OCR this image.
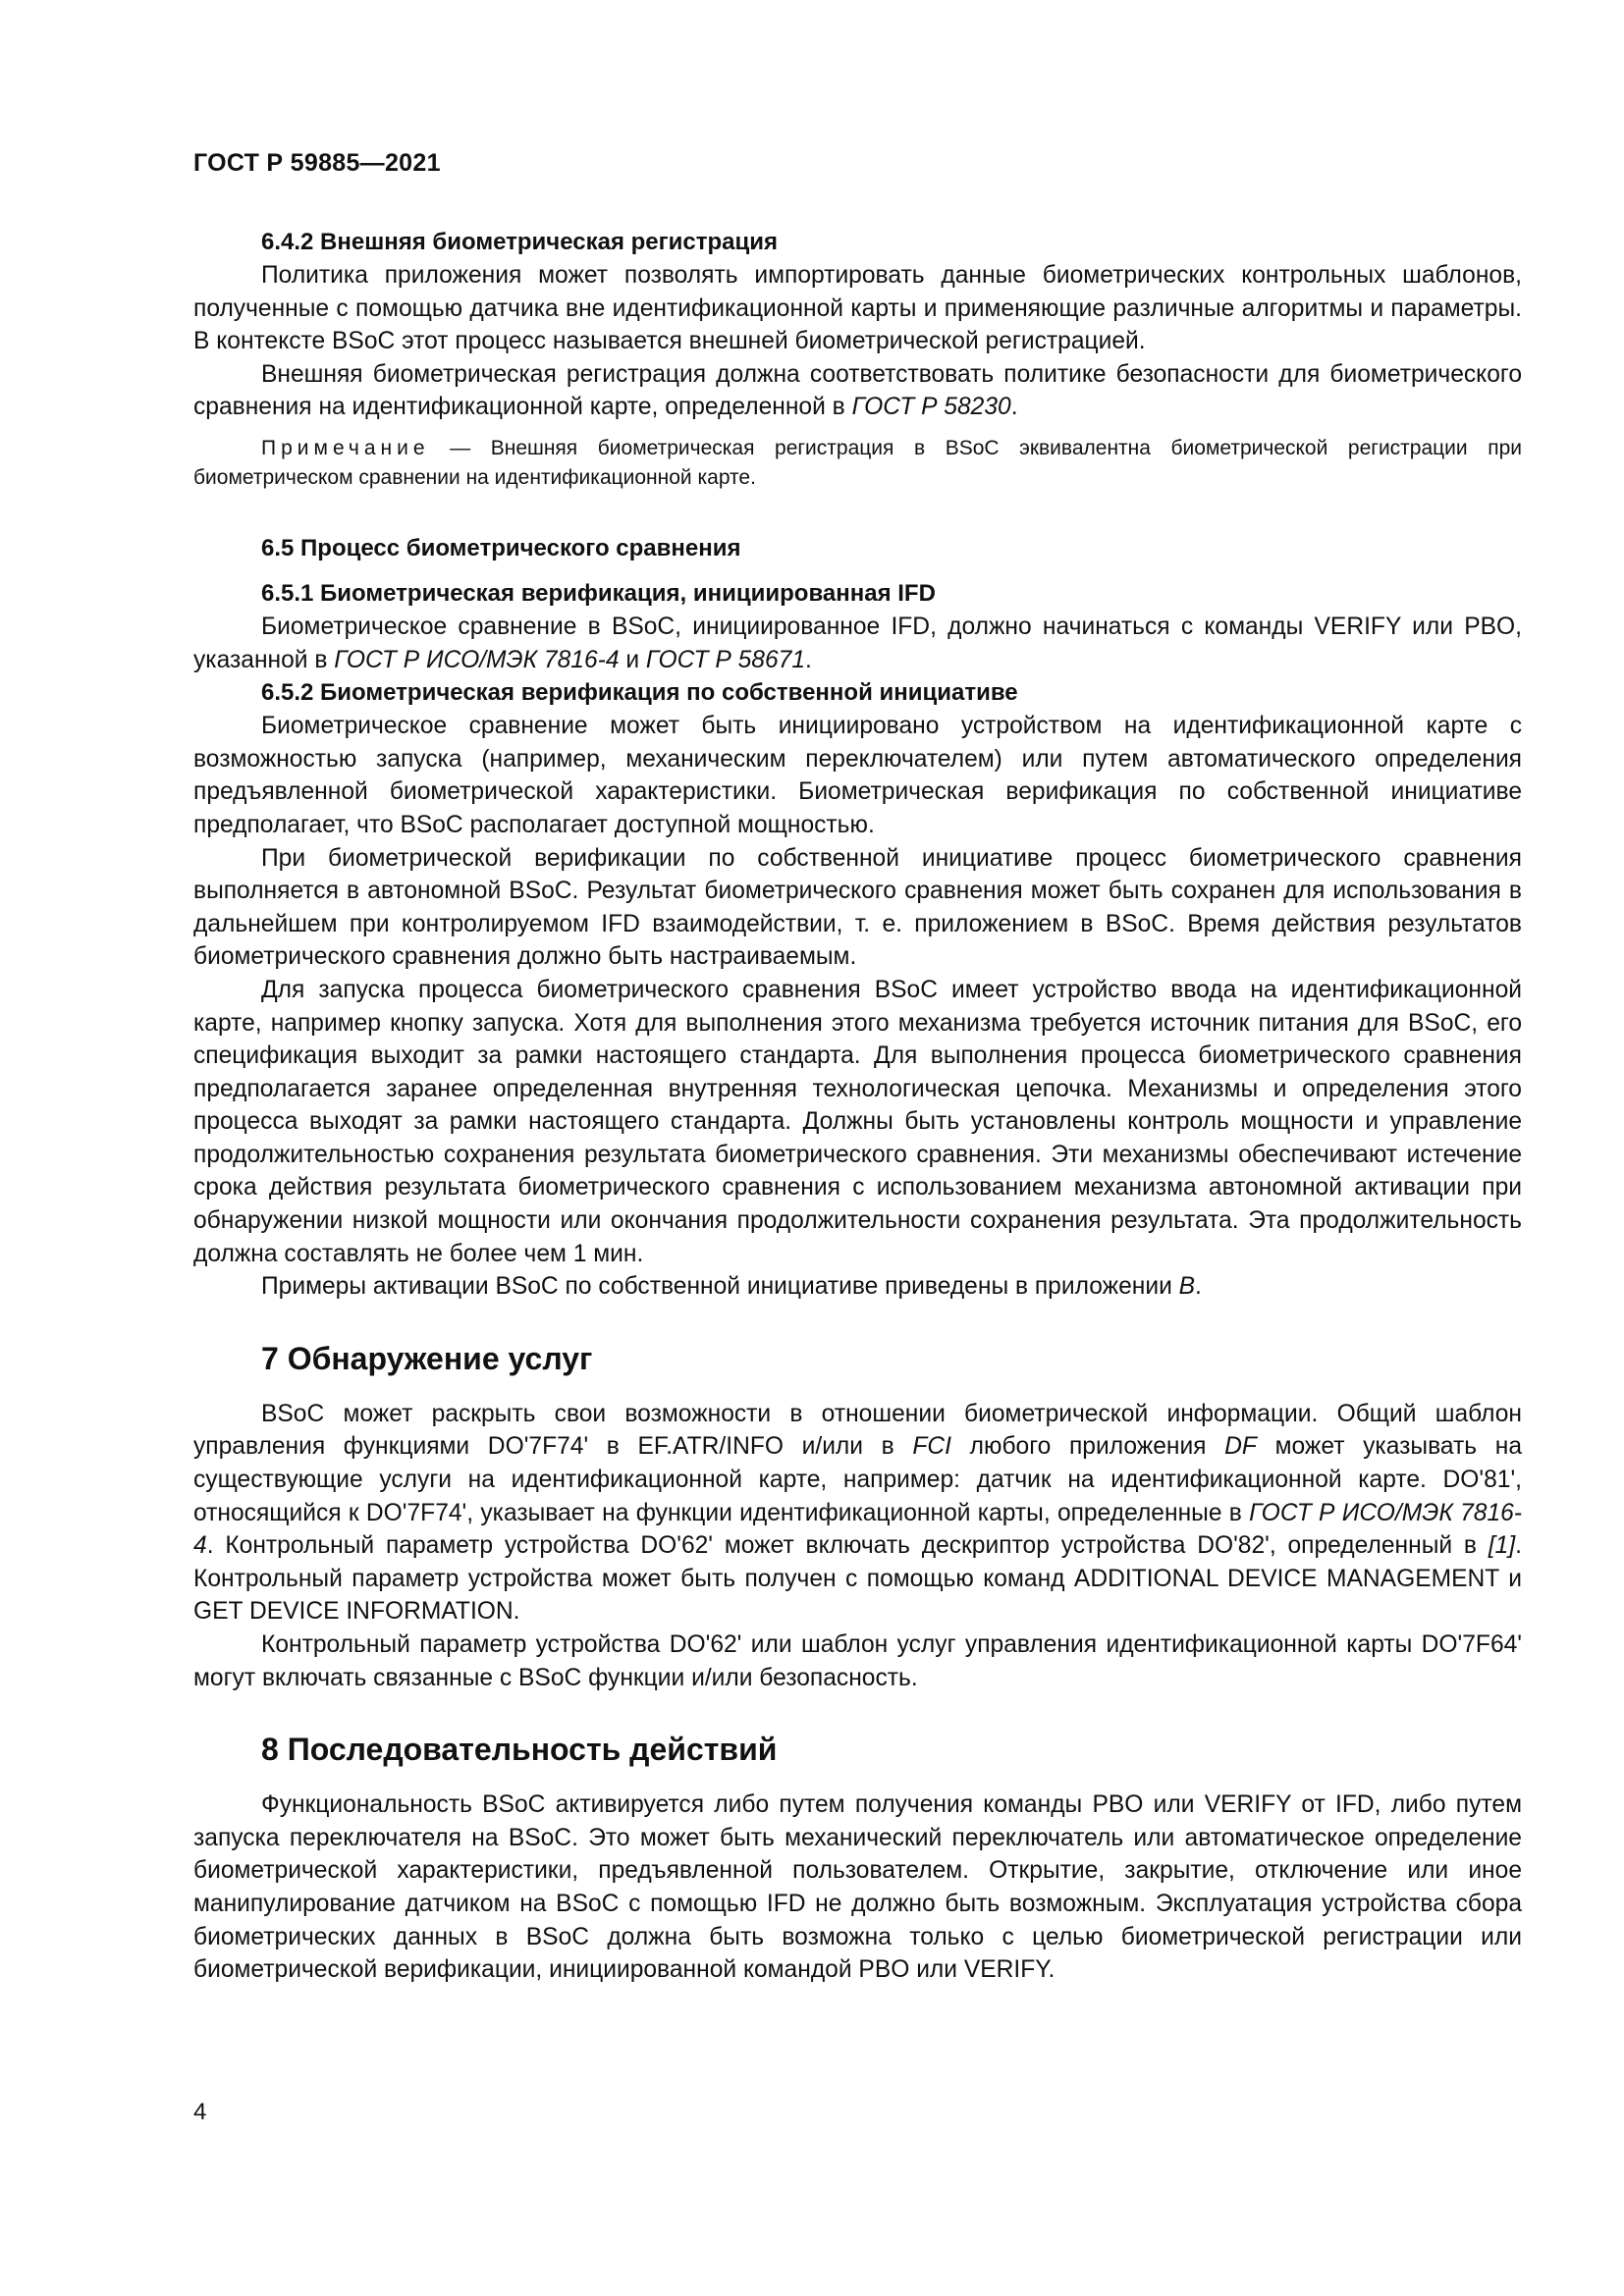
ГОСТ Р 59885—2021
6.4.2 Внешняя биометрическая регистрация

Политика приложения может позволять импортировать данные биометрических контрольных шаблонов, полученные с помощью датчика вне идентификационной карты и применяющие различные алгоритмы и параметры. В контексте BSoC этот процесс называется внешней биометрической регистрацией.

Внешняя биометрическая регистрация должна соответствовать политике безопасности для биометрического сравнения на идентификационной карте, определенной в ГОСТ Р 58230.

Примечание — Внешняя биометрическая регистрация в BSoC эквивалентна биометрической регистрации при биометрическом сравнении на идентификационной карте.

6.5 Процесс биометрического сравнения
6.5.1 Биометрическая верификация, инициированная IFD

Биометрическое сравнение в BSoC, инициированное IFD, должно начинаться с команды VERIFY или PBO, указанной в ГОСТ Р ИСО/МЭК 7816-4 и ГОСТ Р 58671.

6.5.2 Биометрическая верификация по собственной инициативе

Биометрическое сравнение может быть инициировано устройством на идентификационной карте с возможностью запуска (например, механическим переключателем) или путем автоматического определения предъявленной биометрической характеристики. Биометрическая верификация по собственной инициативе предполагает, что BSoC располагает доступной мощностью.

При биометрической верификации по собственной инициативе процесс биометрического сравнения выполняется в автономной BSoC. Результат биометрического сравнения может быть сохранен для использования в дальнейшем при контролируемом IFD взаимодействии, т. е. приложением в BSoC. Время действия результатов биометрического сравнения должно быть настраиваемым.

Для запуска процесса биометрического сравнения BSoC имеет устройство ввода на идентификационной карте, например кнопку запуска. Хотя для выполнения этого механизма требуется источник питания для BSoC, его спецификация выходит за рамки настоящего стандарта. Для выполнения процесса биометрического сравнения предполагается заранее определенная внутренняя технологическая цепочка. Механизмы и определения этого процесса выходят за рамки настоящего стандарта. Должны быть установлены контроль мощности и управление продолжительностью сохранения результата биометрического сравнения. Эти механизмы обеспечивают истечение срока действия результата биометрического сравнения с использованием механизма автономной активации при обнаружении низкой мощности или окончания продолжительности сохранения результата. Эта продолжительность должна составлять не более чем 1 мин.

Примеры активации BSoC по собственной инициативе приведены в приложении В.

7 Обнаружение услуг

BSoC может раскрыть свои возможности в отношении биометрической информации. Общий шаблон управления функциями DO'7F74' в EF.ATR/INFO и/или в FCI любого приложения DF может указывать на существующие услуги на идентификационной карте, например: датчик на идентификационной карте. DO'81', относящийся к DO'7F74', указывает на функции идентификационной карты, определенные в ГОСТ Р ИСО/МЭК 7816-4. Контрольный параметр устройства DO'62' может включать дескриптор устройства DO'82', определенный в [1]. Контрольный параметр устройства может быть получен с помощью команд ADDITIONAL DEVICE MANAGEMENT и GET DEVICE INFORMATION.

Контрольный параметр устройства DO'62' или шаблон услуг управления идентификационной карты DO'7F64' могут включать связанные с BSoC функции и/или безопасность.

8 Последовательность действий

Функциональность BSoC активируется либо путем получения команды PBO или VERIFY от IFD, либо путем запуска переключателя на BSoC. Это может быть механический переключатель или автоматическое определение биометрической характеристики, предъявленной пользователем. Открытие, закрытие, отключение или иное манипулирование датчиком на BSoC с помощью IFD не должно быть возможным. Эксплуатация устройства сбора биометрических данных в BSoC должна быть возможна только с целью биометрической регистрации или биометрической верификации, инициированной командой PBO или VERIFY.

4
